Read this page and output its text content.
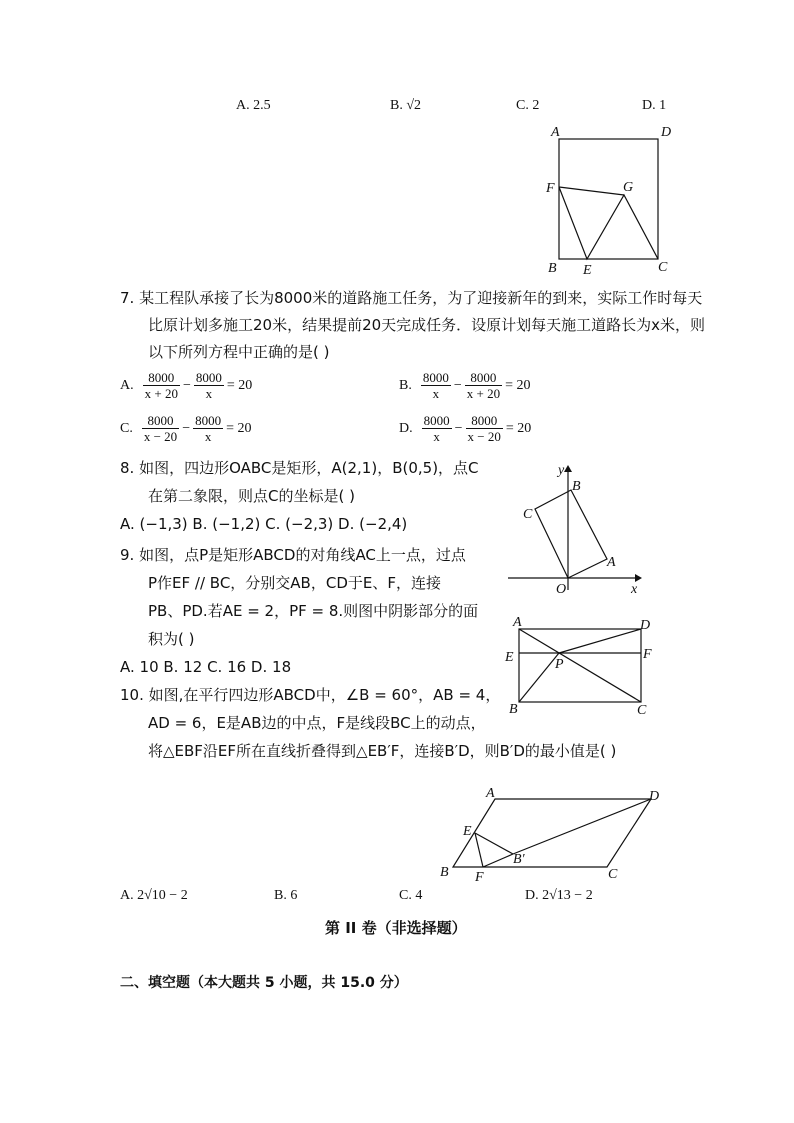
A. 2.5	B. √2	C. 2	D. 1
A	D
F	G
B E	C
7. 某工程队承接了长为8000米的道路施工任务，为了迎接新年的到来，实际工作时每天
比原计划多施工20米，结果提前20天完成任务．设原计划每天施工道路长为x米，则
以下所列方程中正确的是( )
A. $\frac{8000}{x + 20} - \frac{8000}{x} = 20$	B. $\frac{8000}{x} - \frac{8000}{x + 20} = 20$
C. $\frac{8000}{x - 20} - \frac{8000}{x} = 20$	D. $\frac{8000}{x} - \frac{8000}{x - 20} = 20$
8. 如图，四边形OABC是矩形，A(2,1)，B(0,5)，点C
在第二象限，则点C的坐标是( )
A. (−1,3) B. (−1,2) C. (−2,3) D. (−2,4)
y
x
O
A
B
C
9. 如图，点P是矩形ABCD的对角线AC上一点，过点
P作EF // BC，分别交AB，CD于E、F，连接
PB、PD.若AE = 2，PF = 8.则图中阴影部分的面
积为( )
A. 10 B. 12 C. 16 D. 18
A	D
E	F
P
B	C
10. 如图,在平行四边形ABCD中，∠B = 60°，AB = 4，
AD = 6，E是AB边的中点，F是线段BC上的动点，
将△EBF沿EF所在直线折叠得到△EB′F，连接B′D，则B′D的最小值是( )
A	D
E
B F
B′
C
A. 2√10 − 2	B. 6	C. 4	D. 2√13 − 2
第 II 卷（非选择题）
二、填空题（本大题共 5 小题，共 15.0 分）
